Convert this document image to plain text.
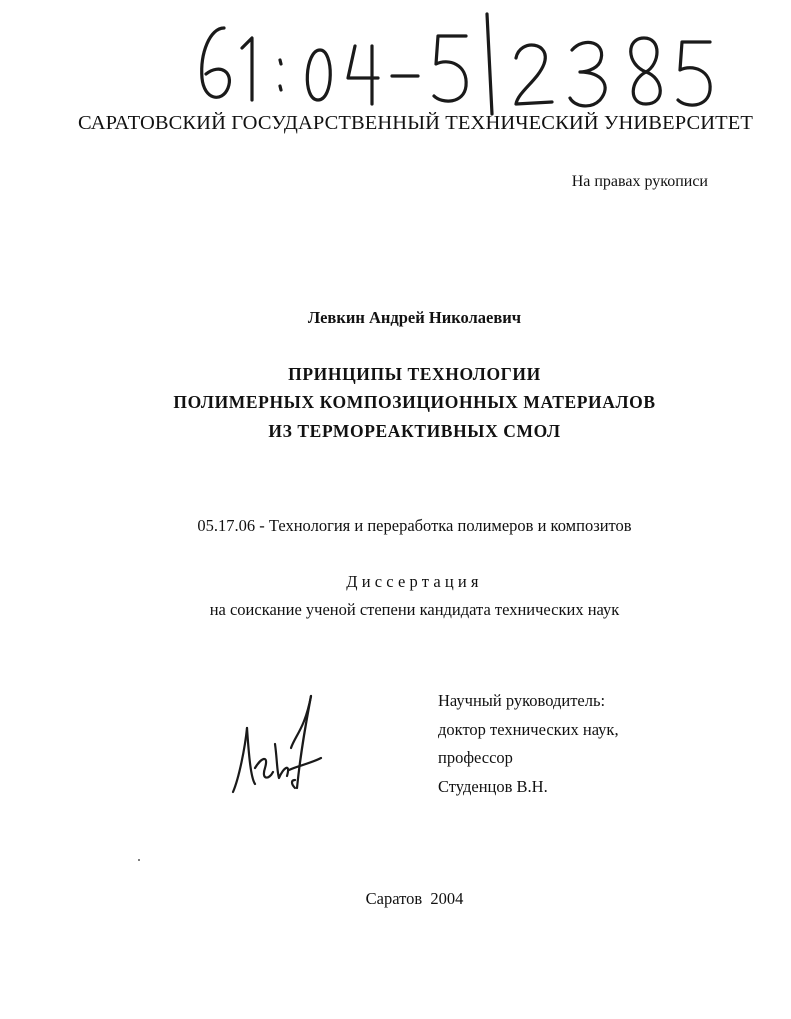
САРАТОВСКИЙ ГОСУДАРСТВЕННЫЙ ТЕХНИЧЕСКИЙ УНИВЕРСИТЕТ
На правах рукописи
Левкин Андрей Николаевич
ПРИНЦИПЫ ТЕХНОЛОГИИ
ПОЛИМЕРНЫХ КОМПОЗИЦИОННЫХ МАТЕРИАЛОВ
ИЗ ТЕРМОРЕАКТИВНЫХ СМОЛ
05.17.06 - Технология и переработка полимеров и композитов
Диссертация
на соискание ученой степени кандидата технических наук
Научный руководитель:
доктор технических наук,
профессор
Студенцов В.Н.
Саратов 2004
